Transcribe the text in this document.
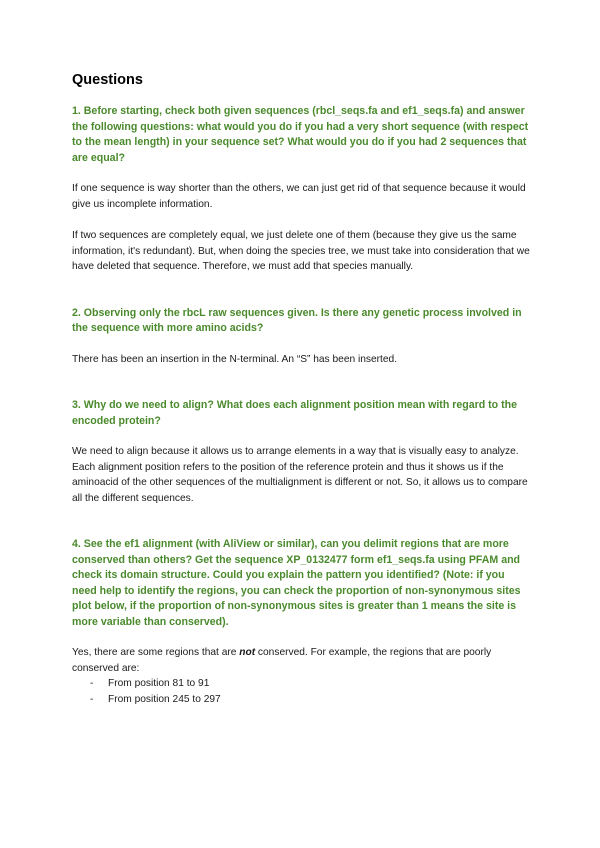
Questions

1. Before starting, check both given sequences (rbcl_seqs.fa and ef1_seqs.fa) and answer the following questions: what would you do if you had a very short sequence (with respect to the mean length) in your sequence set? What would you do if you had 2 sequences that are equal?

If one sequence is way shorter than the others, we can just get rid of that sequence because it would give us incomplete information.

If two sequences are completely equal, we just delete one of them (because they give us the same information, it's redundant). But, when doing the species tree, we must take into consideration that we have deleted that sequence. Therefore, we must add that species manually.

2. Observing only the rbcL raw sequences given. Is there any genetic process involved in the sequence with more amino acids?

There has been an insertion in the N-terminal. An “S” has been inserted.

3. Why do we need to align? What does each alignment position mean with regard to the encoded protein?

We need to align because it allows us to arrange elements in a way that is visually easy to analyze.

Each alignment position refers to the position of the reference protein and thus it shows us if the aminoacid of the other sequences of the multialignment is different or not. So, it allows us to compare all the different sequences.

4. See the ef1 alignment (with AliView or similar), can you delimit regions that are more conserved than others? Get the sequence XP_0132477 form ef1_seqs.fa using PFAM and check its domain structure. Could you explain the pattern you identified? (Note: if you need help to identify the regions, you can check the proportion of non-synonymous sites plot below, if the proportion of non-synonymous sites is greater than 1 means the site is more variable than conserved).

Yes, there are some regions that are not conserved. For example, the regions that are poorly conserved are:

- From position 81 to 91
- From position 245 to 297
